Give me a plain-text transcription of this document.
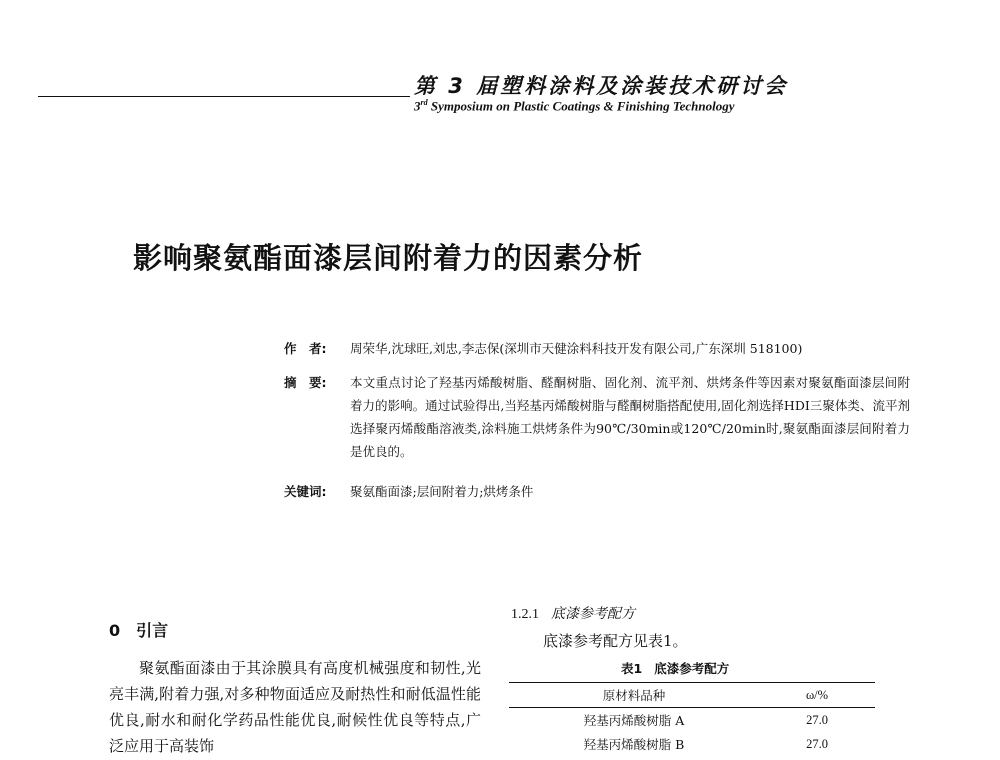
第 3 届塑料涂料及涂装技术研讨会
3rd Symposium on Plastic Coatings & Finishing Technology
影响聚氨酯面漆层间附着力的因素分析
作　者: 周荣华,沈球旺,刘忠,李志保(深圳市天健涂料科技开发有限公司,广东深圳 518100)
摘　要: 本文重点讨论了羟基丙烯酸树脂、醛酮树脂、固化剂、流平剂、烘烤条件等因素对聚氨酯面漆层间附着力的影响。通过试验得出,当羟基丙烯酸树脂与醛酮树脂搭配使用,固化剂选择HDI三聚体类、流平剂选择聚丙烯酸酯溶液类,涂料施工烘烤条件为90℃/30min或120℃/20min时,聚氨酯面漆层间附着力是优良的。
关键词: 聚氨酯面漆;层间附着力;烘烤条件
0 引言

聚氨酯面漆由于其涂膜具有高度机械强度和韧性,光亮丰满,附着力强,对多种物面适应及耐热性和耐低温性能优良,耐水和耐化学药品性能优良,耐候性优良等特点,广泛应用于高装饰

1.2.1 底漆参考配方
底漆参考配方见表1。
表1 底漆参考配方
原材料品种	ω/%
羟基丙烯酸树脂 A	27.0
羟基丙烯酸树脂 B	27.0
